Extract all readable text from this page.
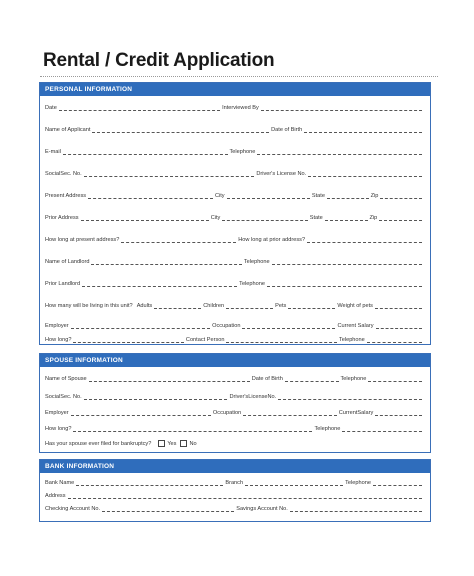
Rental / Credit Application
PERSONAL INFORMATION
Date	Interviewed By
Name of Applicant	Date of Birth
E-mail	Telephone
SocialSec. No.	Driver's License No.
Present Address	City	State	Zip
Prior Address	City	State	Zip
How long at present address?	How long at prior address?
Name of Landlord	Telephone
Prior Landlord	Telephone
How many will be living in this unit? Adults	Children	Pets	Weight of pets
Employer	Occupation	Current Salary
How long?	Contact Person	Telephone
SPOUSE INFORMATION
Name of Spouse	Date of Birth	Telephone
SocialSec. No.	Driver'sLicenseNo.
Employer	Occupation	CurrentSalary
How long?	Telephone
Has your spouse ever filed for bankruptcy?	Yes No
BANK INFORMATION
Bank Name	Branch	Telephone
Address
Checking Account No.	Savings Account No.
